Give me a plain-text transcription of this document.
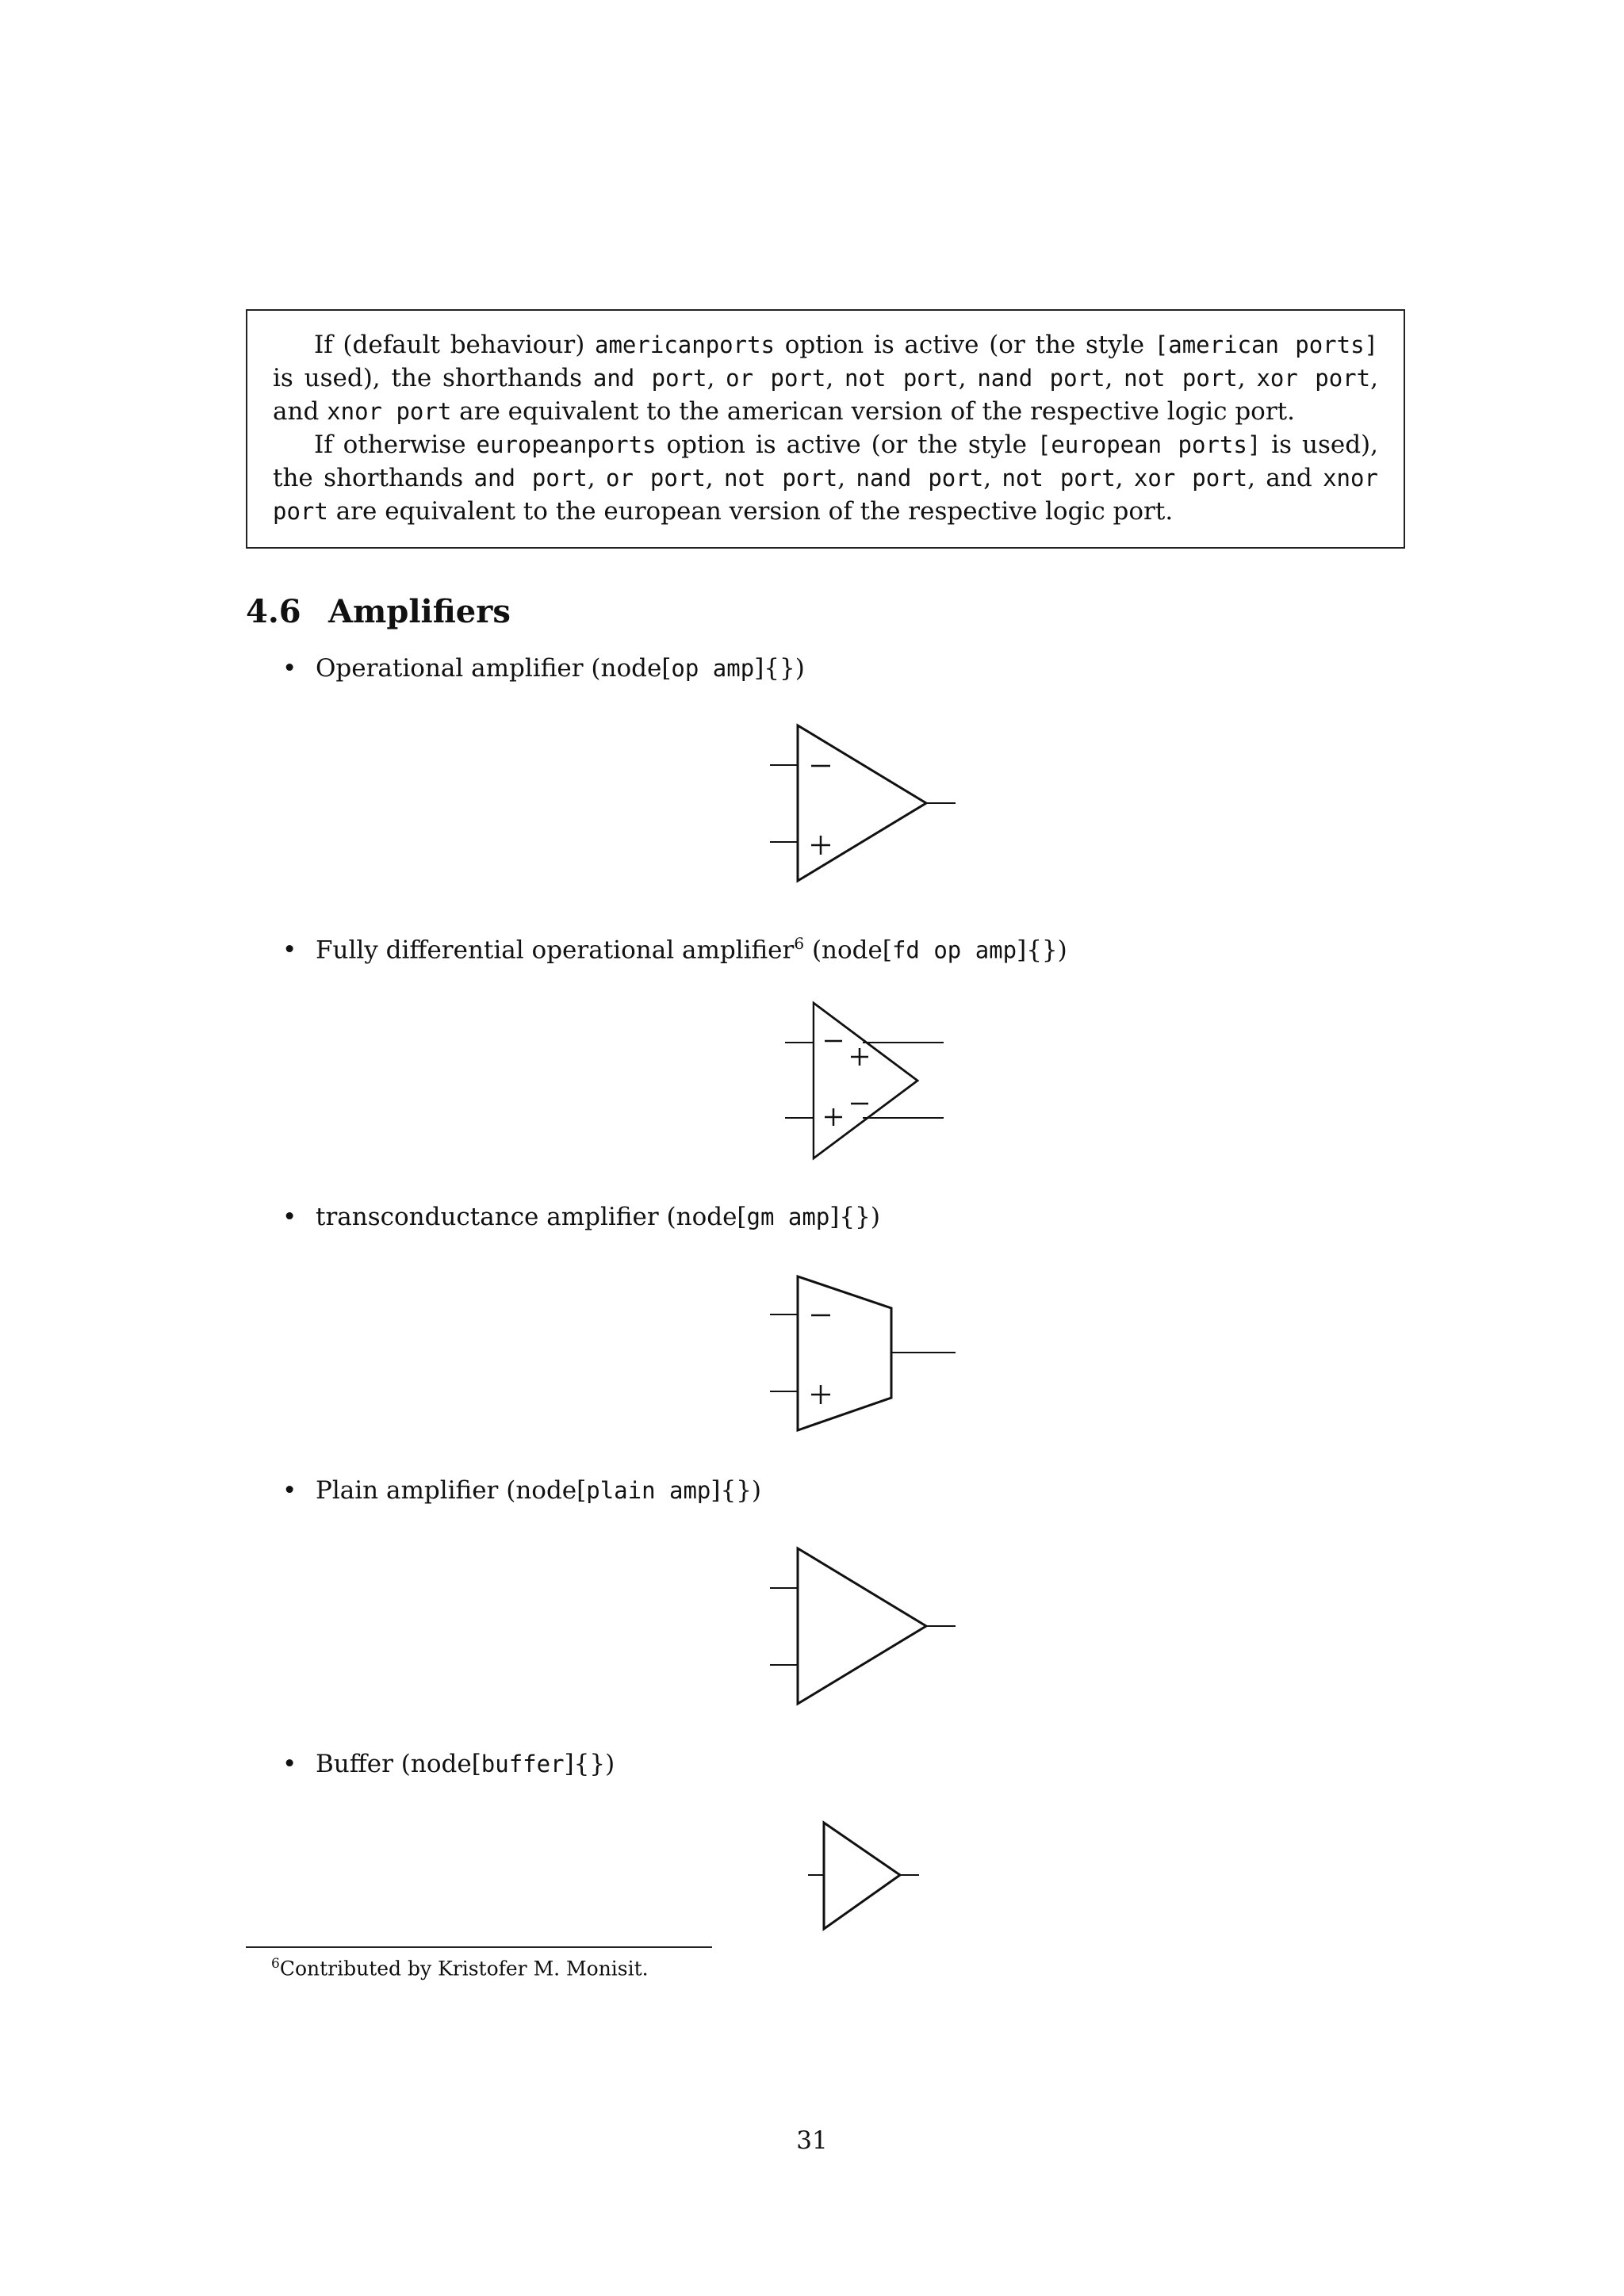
If (default behaviour) americanports option is active (or the style [american ports] is used), the shorthands and port, or port, not port, nand port, not port, xor port, and xnor port are equivalent to the american version of the respective logic port.

If otherwise europeanports option is active (or the style [european ports] is used), the shorthands and port, or port, not port, nand port, not port, xor port, and xnor port are equivalent to the european version of the respective logic port.

4.6 Amplifiers
• Operational amplifier (node[op amp]{})
• Fully differential operational amplifier$^6$ (node[fd op amp]{})
• transconductance amplifier (node[gm amp]{})
• Plain amplifier (node[plain amp]{})
• Buffer (node[buffer]{})
$^6$Contributed by Kristofer M. Monisit.
31
